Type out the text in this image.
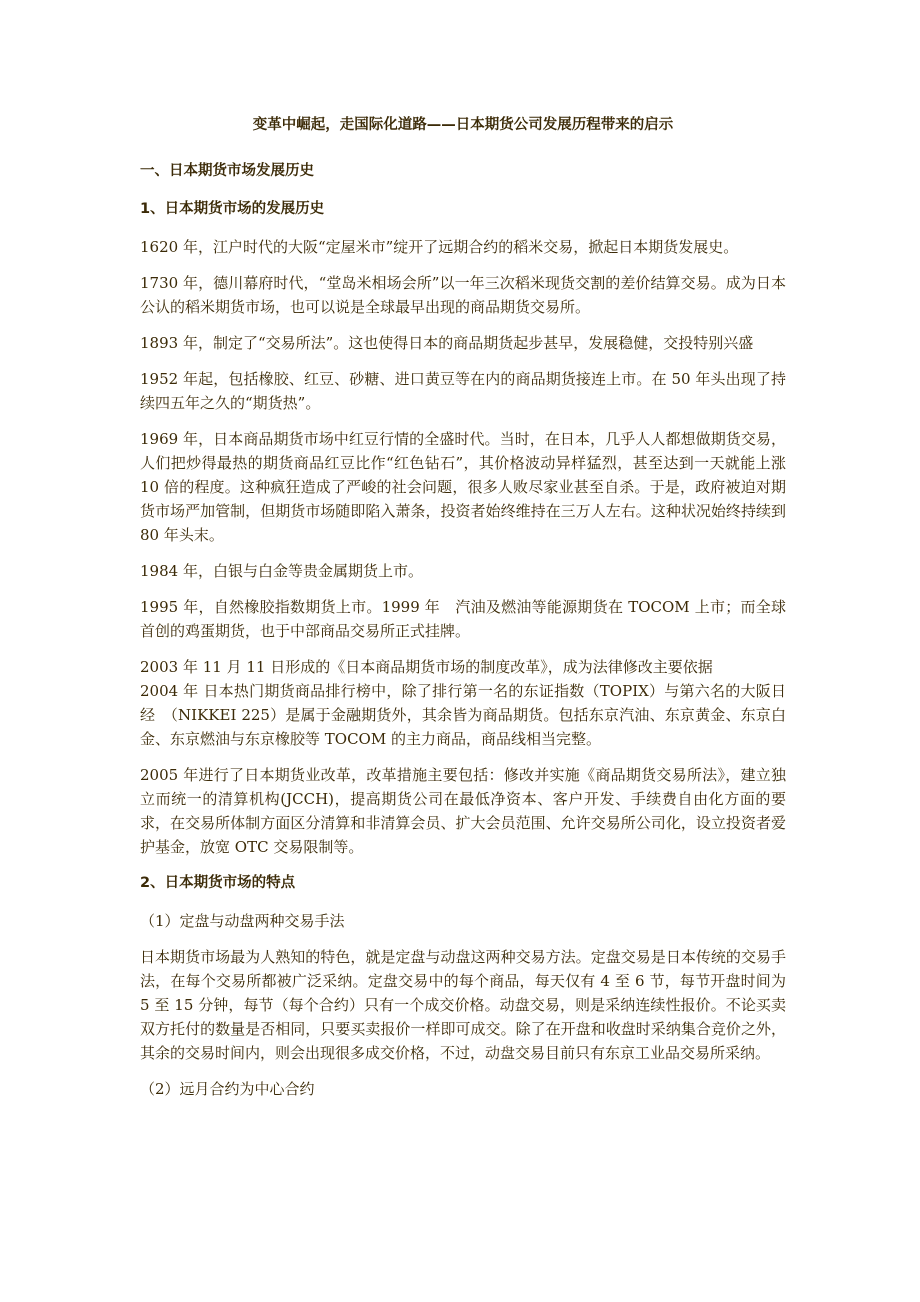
变革中崛起，走国际化道路——日本期货公司发展历程带来的启示
一、日本期货市场发展历史
1、日本期货市场的发展历史
1620 年，江户时代的大阪“定屋米市”绽开了远期合约的稻米交易，掀起日本期货发展史。
1730 年，德川幕府时代，“堂岛米相场会所”以一年三次稻米现货交割的差价结算交易。成为日本公认的稻米期货市场，也可以说是全球最早出现的商品期货交易所。
1893 年，制定了“交易所法”。这也使得日本的商品期货起步甚早，发展稳健，交投特别兴盛
1952 年起，包括橡胶、红豆、砂糖、进口黄豆等在内的商品期货接连上市。在 50 年头出现了持续四五年之久的“期货热”。
1969 年，日本商品期货市场中红豆行情的全盛时代。当时，在日本，几乎人人都想做期货交易，人们把炒得最热的期货商品红豆比作“红色钻石”，其价格波动异样猛烈，甚至达到一天就能上涨 10 倍的程度。这种疯狂造成了严峻的社会问题，很多人败尽家业甚至自杀。于是，政府被迫对期货市场严加管制，但期货市场随即陷入萧条，投资者始终维持在三万人左右。这种状况始终持续到 80 年头末。
1984 年，白银与白金等贵金属期货上市。
1995 年，自然橡胶指数期货上市。1999 年　汽油及燃油等能源期货在 TOCOM 上市；而全球首创的鸡蛋期货，也于中部商品交易所正式挂牌。
2003 年 11 月 11 日形成的《日本商品期货市场的制度改革》，成为法律修改主要依据
2004 年 日本热门期货商品排行榜中，除了排行第一名的东证指数（TOPIX）与第六名的大阪日经　（NIKKEI 225）是属于金融期货外，其余皆为商品期货。包括东京汽油、东京黄金、东京白金、东京燃油与东京橡胶等 TOCOM 的主力商品，商品线相当完整。
2005 年进行了日本期货业改革，改革措施主要包括：修改并实施《商品期货交易所法》，建立独立而统一的清算机构(JCCH)，提高期货公司在最低净资本、客户开发、手续费自由化方面的要求，在交易所体制方面区分清算和非清算会员、扩大会员范围、允许交易所公司化，设立投资者爱护基金，放宽 OTC 交易限制等。
2、日本期货市场的特点
（1）定盘与动盘两种交易手法
日本期货市场最为人熟知的特色，就是定盘与动盘这两种交易方法。定盘交易是日本传统的交易手法，在每个交易所都被广泛采纳。定盘交易中的每个商品，每天仅有 4 至 6 节，每节开盘时间为 5 至 15 分钟，每节（每个合约）只有一个成交价格。动盘交易，则是采纳连续性报价。不论买卖双方托付的数量是否相同，只要买卖报价一样即可成交。除了在开盘和收盘时采纳集合竞价之外，其余的交易时间内，则会出现很多成交价格，不过，动盘交易目前只有东京工业品交易所采纳。
（2）远月合约为中心合约
